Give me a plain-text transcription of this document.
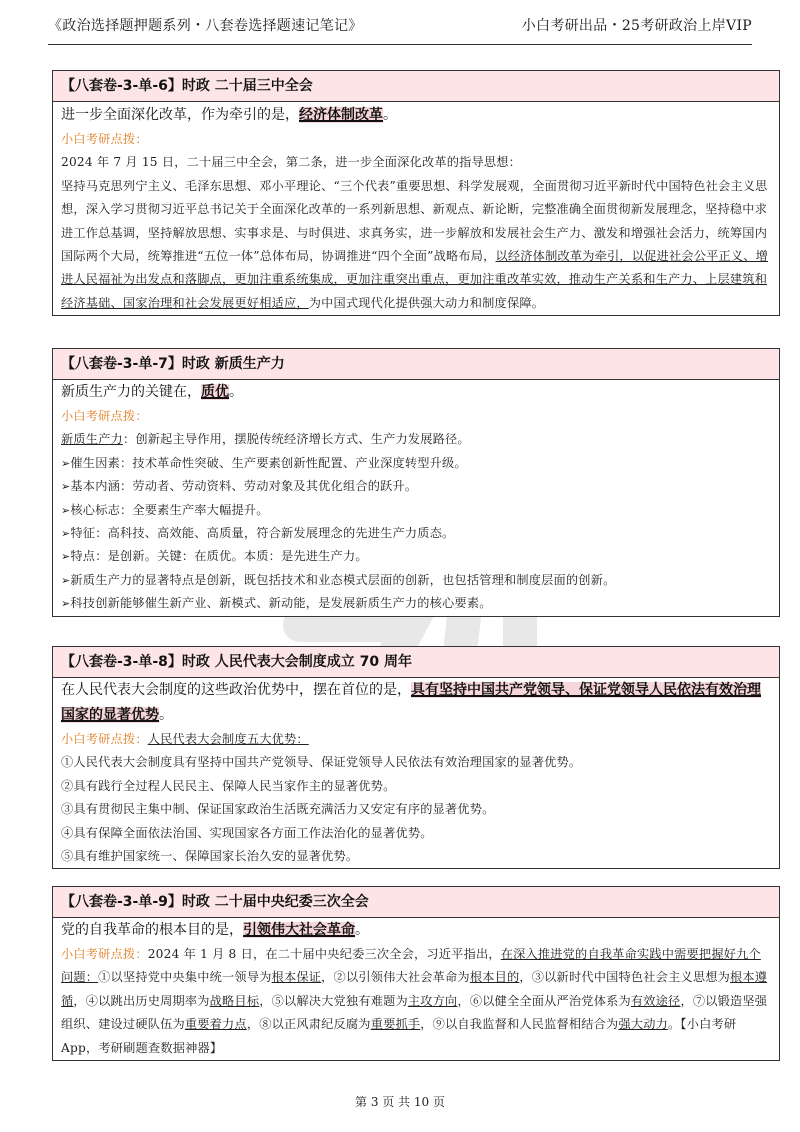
《政治选择题押题系列・八套卷选择题速记笔记》	小白考研出品・25考研政治上岸VIP
【八套卷-3-单-6】时政 二十届三中全会
进一步全面深化改革，作为牵引的是，经济体制改革。

小白考研点拨：

2024 年 7 月 15 日，二十届三中全会，第二条，进一步全面深化改革的指导思想：

坚持马克思列宁主义、毛泽东思想、邓小平理论、“三个代表”重要思想、科学发展观，全面贯彻习近平新时代中国特色社会主义思想，深入学习贯彻习近平总书记关于全面深化改革的一系列新思想、新观点、新论断，完整准确全面贯彻新发展理念，坚持稳中求进工作总基调，坚持解放思想、实事求是、与时俱进、求真务实，进一步解放和发展社会生产力、激发和增强社会活力，统筹国内国际两个大局，统筹推进“五位一体”总体布局，协调推进“四个全面”战略布局，以经济体制改革为牵引，以促进社会公平正义、增进人民福祉为出发点和落脚点，更加注重系统集成，更加注重突出重点，更加注重改革实效，推动生产关系和生产力、上层建筑和经济基础、国家治理和社会发展更好相适应，为中国式现代化提供强大动力和制度保障。

【八套卷-3-单-7】时政 新质生产力
新质生产力的关键在，质优。

小白考研点拨：

新质生产力：创新起主导作用，摆脱传统经济增长方式、生产力发展路径。

➢催生因素：技术革命性突破、生产要素创新性配置、产业深度转型升级。

➢基本内涵：劳动者、劳动资料、劳动对象及其优化组合的跃升。

➢核心标志：全要素生产率大幅提升。

➢特征：高科技、高效能、高质量，符合新发展理念的先进生产力质态。

➢特点：是创新。关键：在质优。本质：是先进生产力。

➢新质生产力的显著特点是创新，既包括技术和业态模式层面的创新，也包括管理和制度层面的创新。

➢科技创新能够催生新产业、新模式、新动能，是发展新质生产力的核心要素。

【八套卷-3-单-8】时政 人民代表大会制度成立 70 周年
在人民代表大会制度的这些政治优势中，摆在首位的是，具有坚持中国共产党领导、保证党领导人民依法有效治理国家的显著优势。

小白考研点拨：人民代表大会制度五大优势：

①人民代表大会制度具有坚持中国共产党领导、保证党领导人民依法有效治理国家的显著优势。

②具有践行全过程人民民主、保障人民当家作主的显著优势。

③具有贯彻民主集中制、保证国家政治生活既充满活力又安定有序的显著优势。

④具有保障全面依法治国、实现国家各方面工作法治化的显著优势。

⑤具有维护国家统一、保障国家长治久安的显著优势。

【八套卷-3-单-9】时政 二十届中央纪委三次全会
党的自我革命的根本目的是，引领伟大社会革命。

小白考研点拨：2024 年 1 月 8 日，在二十届中央纪委三次全会，习近平指出，在深入推进党的自我革命实践中需要把握好九个问题：①以坚持党中央集中统一领导为根本保证，②以引领伟大社会革命为根本目的，③以新时代中国特色社会主义思想为根本遵循，④以跳出历史周期率为战略目标，⑤以解决大党独有难题为主攻方向，⑥以健全全面从严治党体系为有效途径，⑦以锻造坚强组织、建设过硬队伍为重要着力点，⑧以正风肃纪反腐为重要抓手，⑨以自我监督和人民监督相结合为强大动力。【小白考研 App，考研刷题查数据神器】

第 3 页 共 10 页
